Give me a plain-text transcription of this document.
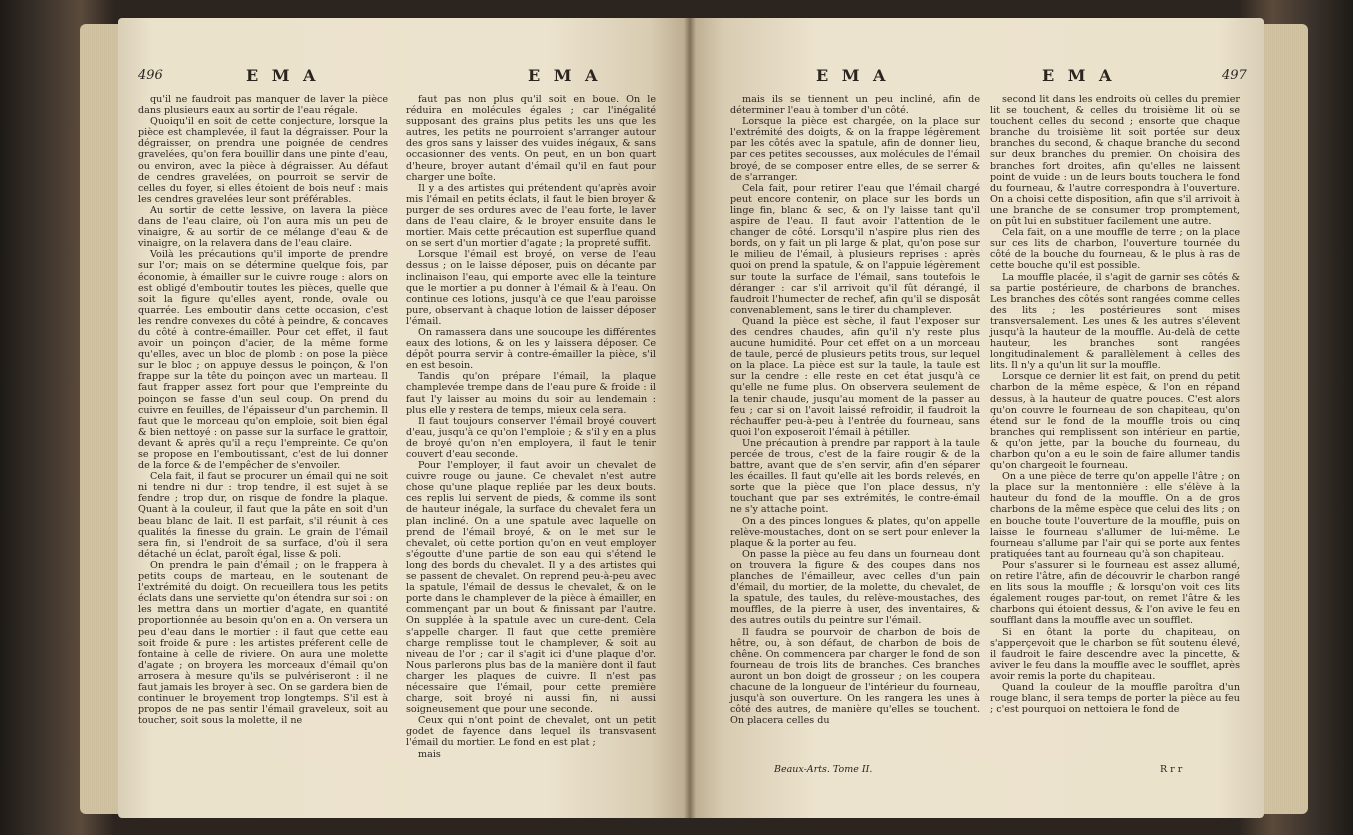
496	E M A	E M A

qu'il ne faudroit pas manquer de laver la pièce dans plusieurs eaux au sortir de l'eau régale.

Quoiqu'il en soit de cette conjecture, lorsque la pièce est champlevée, il faut la dégraisser. Pour la dégraisser, on prendra une poignée de cendres gravelées, qu'on fera bouillir dans une pinte d'eau, ou environ, avec la pièce à dégraisser. Au défaut de cendres gravelées, on pourroit se servir de celles du foyer, si elles étoient de bois neuf : mais les cendres gravelées leur sont préférables.

Au sortir de cette lessive, on lavera la pièce dans de l'eau claire, où l'on aura mis un peu de vinaigre, & au sortir de ce mélange d'eau & de vinaigre, on la relavera dans de l'eau claire.

Voilà les précautions qu'il importe de prendre sur l'or; mais on se détermine quelque fois, par économie, à émailler sur le cuivre rouge : alors on est obligé d'emboutir toutes les pièces, quelle que soit la figure qu'elles ayent, ronde, ovale ou quarrée. Les emboutir dans cette occasion, c'est les rendre convexes du côté à peindre, & concaves du côté à contre-émailler. Pour cet effet, il faut avoir un poinçon d'acier, de la même forme qu'elles, avec un bloc de plomb : on pose la pièce sur le bloc ; on appuye dessus le poinçon, & l'on frappe sur la tête du poinçon avec un marteau. Il faut frapper assez fort pour que l'empreinte du poinçon se fasse d'un seul coup. On prend du cuivre en feuilles, de l'épaisseur d'un parchemin. Il faut que le morceau qu'on emploie, soit bien égal & bien nettoyé : on passe sur la surface le grattoir, devant & après qu'il a reçu l'empreinte. Ce qu'on se propose en l'emboutissant, c'est de lui donner de la force & de l'empêcher de s'envoiler.

Cela fait, il faut se procurer un émail qui ne soit ni tendre ni dur : trop tendre, il est sujet à se fendre ; trop dur, on risque de fondre la plaque. Quant à la couleur, il faut que la pâte en soit d'un beau blanc de lait. Il est parfait, s'il réunit à ces qualités la finesse du grain. Le grain de l'émail sera fin, si l'endroit de sa surface, d'où il sera détaché un éclat, paroît égal, lisse & poli.

On prendra le pain d'émail ; on le frappera à petits coups de marteau, en le soutenant de l'extrémité du doigt. On recueillera tous les petits éclats dans une serviette qu'on étendra sur soi : on les mettra dans un mortier d'agate, en quantité proportionnée au besoin qu'on en a. On versera un peu d'eau dans le mortier : il faut que cette eau soit froide & pure : les artistes préferent celle de fontaine à celle de riviere. On aura une molette d'agate ; on broyera les morceaux d'émail qu'on arrosera à mesure qu'ils se pulvériseront : il ne faut jamais les broyer à sec. On se gardera bien de continuer le broyement trop longtemps. S'il est à propos de ne pas sentir l'émail graveleux, soit au toucher, soit sous la molette, il ne

faut pas non plus qu'il soit en boue. On le réduira en molécules égales ; car l'inégalité supposant des grains plus petits les uns que les autres, les petits ne pourroient s'arranger autour des gros sans y laisser des vuides inégaux, & sans occasionner des vents. On peut, en un bon quart d'heure, broyer autant d'émail qu'il en faut pour charger une boîte.

Il y a des artistes qui prétendent qu'après avoir mis l'émail en petits éclats, il faut le bien broyer & purger de ses ordures avec de l'eau forte, le laver dans de l'eau claire, & le broyer ensuite dans le mortier. Mais cette précaution est superflue quand on se sert d'un mortier d'agate ; la propreté suffit.

Lorsque l'émail est broyé, on verse de l'eau dessus ; on le laisse déposer, puis on décante par inclinaison l'eau, qui emporte avec elle la teinture que le mortier a pu donner à l'émail & à l'eau. On continue ces lotions, jusqu'à ce que l'eau paroisse pure, observant à chaque lotion de laisser déposer l'émail.

On ramassera dans une soucoupe les différentes eaux des lotions, & on les y laissera déposer. Ce dépôt pourra servir à contre-émailler la pièce, s'il en est besoin.

Tandis qu'on prépare l'émail, la plaque champlevée trempe dans de l'eau pure & froide : il faut l'y laisser au moins du soir au lendemain : plus elle y restera de temps, mieux cela sera.

Il faut toujours conserver l'émail broyé couvert d'eau, jusqu'à ce qu'on l'emploie ; & s'il y en a plus de broyé qu'on n'en employera, il faut le tenir couvert d'eau seconde.

Pour l'employer, il faut avoir un chevalet de cuivre rouge ou jaune. Ce chevalet n'est autre chose qu'une plaque repliée par les deux bouts. ces replis lui servent de pieds, & comme ils sont de hauteur inégale, la surface du chevalet fera un plan incliné. On a une spatule avec laquelle on prend de l'émail broyé, & on le met sur le chevalet, où cette portion qu'on en veut employer s'égoutte d'une partie de son eau qui s'étend le long des bords du chevalet. Il y a des artistes qui se passent de chevalet. On reprend peu-à-peu avec la spatule, l'émail de dessus le chevalet, & on le porte dans le champlever de la pièce à émailler, en commençant par un bout & finissant par l'autre. On supplée à la spatule avec un cure-dent. Cela s'appelle charger. Il faut que cette première charge remplisse tout le champlever, & soit au niveau de l'or ; car il s'agit ici d'une plaque d'or. Nous parlerons plus bas de la manière dont il faut charger les plaques de cuivre. Il n'est pas nécessaire que l'émail, pour cette première charge, soit broyé ni aussi fin, ni aussi soigneusement que pour une seconde.

Ceux qui n'ont point de chevalet, ont un petit godet de fayence dans lequel ils transvasent l'émail du mortier. Le fond en est plat ;

mais

E M A	E M A	497

mais ils se tiennent un peu incliné, afin de déterminer l'eau à tomber d'un côté.

Lorsque la pièce est chargée, on la place sur l'extrémité des doigts, & on la frappe légèrement par les côtés avec la spatule, afin de donner lieu, par ces petites secousses, aux molécules de l'émail broyé, de se composer entre elles, de se serrer & de s'arranger.

Cela fait, pour retirer l'eau que l'émail chargé peut encore contenir, on place sur les bords un linge fin, blanc & sec, & on l'y laisse tant qu'il aspire de l'eau. Il faut avoir l'attention de le changer de côté. Lorsqu'il n'aspire plus rien des bords, on y fait un pli large & plat, qu'on pose sur le milieu de l'émail, à plusieurs reprises : après quoi on prend la spatule, & on l'appuie légèrement sur toute la surface de l'émail, sans toutefois le déranger : car s'il arrivoit qu'il fût dérangé, il faudroit l'humecter de rechef, afin qu'il se disposât convenablement, sans le tirer du champlever.

Quand la pièce est sèche, il faut l'exposer sur des cendres chaudes, afin qu'il n'y reste plus aucune humidité. Pour cet effet on a un morceau de taule, percé de plusieurs petits trous, sur lequel on la place. La pièce est sur la taule, la taule est sur la cendre : elle reste en cet état jusqu'à ce qu'elle ne fume plus. On observera seulement de la tenir chaude, jusqu'au moment de la passer au feu ; car si on l'avoit laissé refroidir, il faudroit la réchauffer peu-à-peu à l'entrée du fourneau, sans quoi l'on exposeroit l'émail à pétiller.

Une précaution à prendre par rapport à la taule percée de trous, c'est de la faire rougir & de la battre, avant que de s'en servir, afin d'en séparer les écailles. Il faut qu'elle ait les bords relevés, en sorte que la pièce que l'on place dessus, n'y touchant que par ses extrémités, le contre-émail ne s'y attache point.

On a des pinces longues & plates, qu'on appelle relève-moustaches, dont on se sert pour enlever la plaque & la porter au feu.

On passe la pièce au feu dans un fourneau dont on trouvera la figure & des coupes dans nos planches de l'émailleur, avec celles d'un pain d'émail, du mortier, de la molette, du chevalet, de la spatule, des taules, du relève-moustaches, des mouffles, de la pierre à user, des inventaires, & des autres outils du peintre sur l'émail.

Il faudra se pourvoir de charbon de bois de hêtre, ou, à son défaut, de charbon de bois de chêne. On commencera par charger le fond de son fourneau de trois lits de branches. Ces branches auront un bon doigt de grosseur ; on les coupera chacune de la longueur de l'intérieur du fourneau, jusqu'à son ouverture. On les rangera les unes à côté des autres, de manière qu'elles se touchent. On placera celles du

second lit dans les endroits où celles du premier lit se touchent, & celles du troisième lit où se touchent celles du second ; ensorte que chaque branche du troisième lit soit portée sur deux branches du second, & chaque branche du second sur deux branches du premier. On choisira des branches fort droites, afin qu'elles ne laissent point de vuide : un de leurs bouts touchera le fond du fourneau, & l'autre correspondra à l'ouverture. On a choisi cette disposition, afin que s'il arrivoit à une branche de se consumer trop promptement, on pût lui en substituer facilement une autre.

Cela fait, on a une mouffle de terre ; on la place sur ces lits de charbon, l'ouverture tournée du côté de la bouche du fourneau, & le plus à ras de cette bouche qu'il est possible.

La mouffle placée, il s'agit de garnir ses côtés & sa partie postérieure, de charbons de branches. Les branches des côtés sont rangées comme celles des lits ; les postérieures sont mises transversalement. Les unes & les autres s'élevent jusqu'à la hauteur de la mouffle. Au-delà de cette hauteur, les branches sont rangées longitudinalement & parallèlement à celles des lits. Il n'y a qu'un lit sur la mouffle.

Lorsque ce dernier lit est fait, on prend du petit charbon de la même espèce, & l'on en répand dessus, à la hauteur de quatre pouces. C'est alors qu'on couvre le fourneau de son chapiteau, qu'on étend sur le fond de la mouffle trois ou cinq branches qui remplissent son intérieur en partie, & qu'on jette, par la bouche du fourneau, du charbon qu'on a eu le soin de faire allumer tandis qu'on chargeoit le fourneau.

On a une pièce de terre qu'on appelle l'âtre ; on la place sur la mentonnière : elle s'élève à la hauteur du fond de la mouffle. On a de gros charbons de la même espèce que celui des lits ; on en bouche toute l'ouverture de la mouffle, puis on laisse le fourneau s'allumer de lui-même. Le fourneau s'allume par l'air qui se porte aux fentes pratiquées tant au fourneau qu'à son chapiteau.

Pour s'assurer si le fourneau est assez allumé, on retire l'âtre, afin de découvrir le charbon rangé en lits sous la mouffle ; & lorsqu'on voit ces lits également rouges par-tout, on remet l'âtre & les charbons qui étoient dessus, & l'on avive le feu en soufflant dans la mouffle avec un soufflet.

Si en ôtant la porte du chapiteau, on s'apperçevoit que le charbon se fût soutenu élevé, il faudroit le faire descendre avec la pincette, & aviver le feu dans la mouffle avec le soufflet, après avoir remis la porte du chapiteau.

Quand la couleur de la mouffle paroîtra d'un rouge blanc, il sera temps de porter la pièce au feu ; c'est pourquoi on nettoiera le fond de

Beaux-Arts. Tome II.	R r r
